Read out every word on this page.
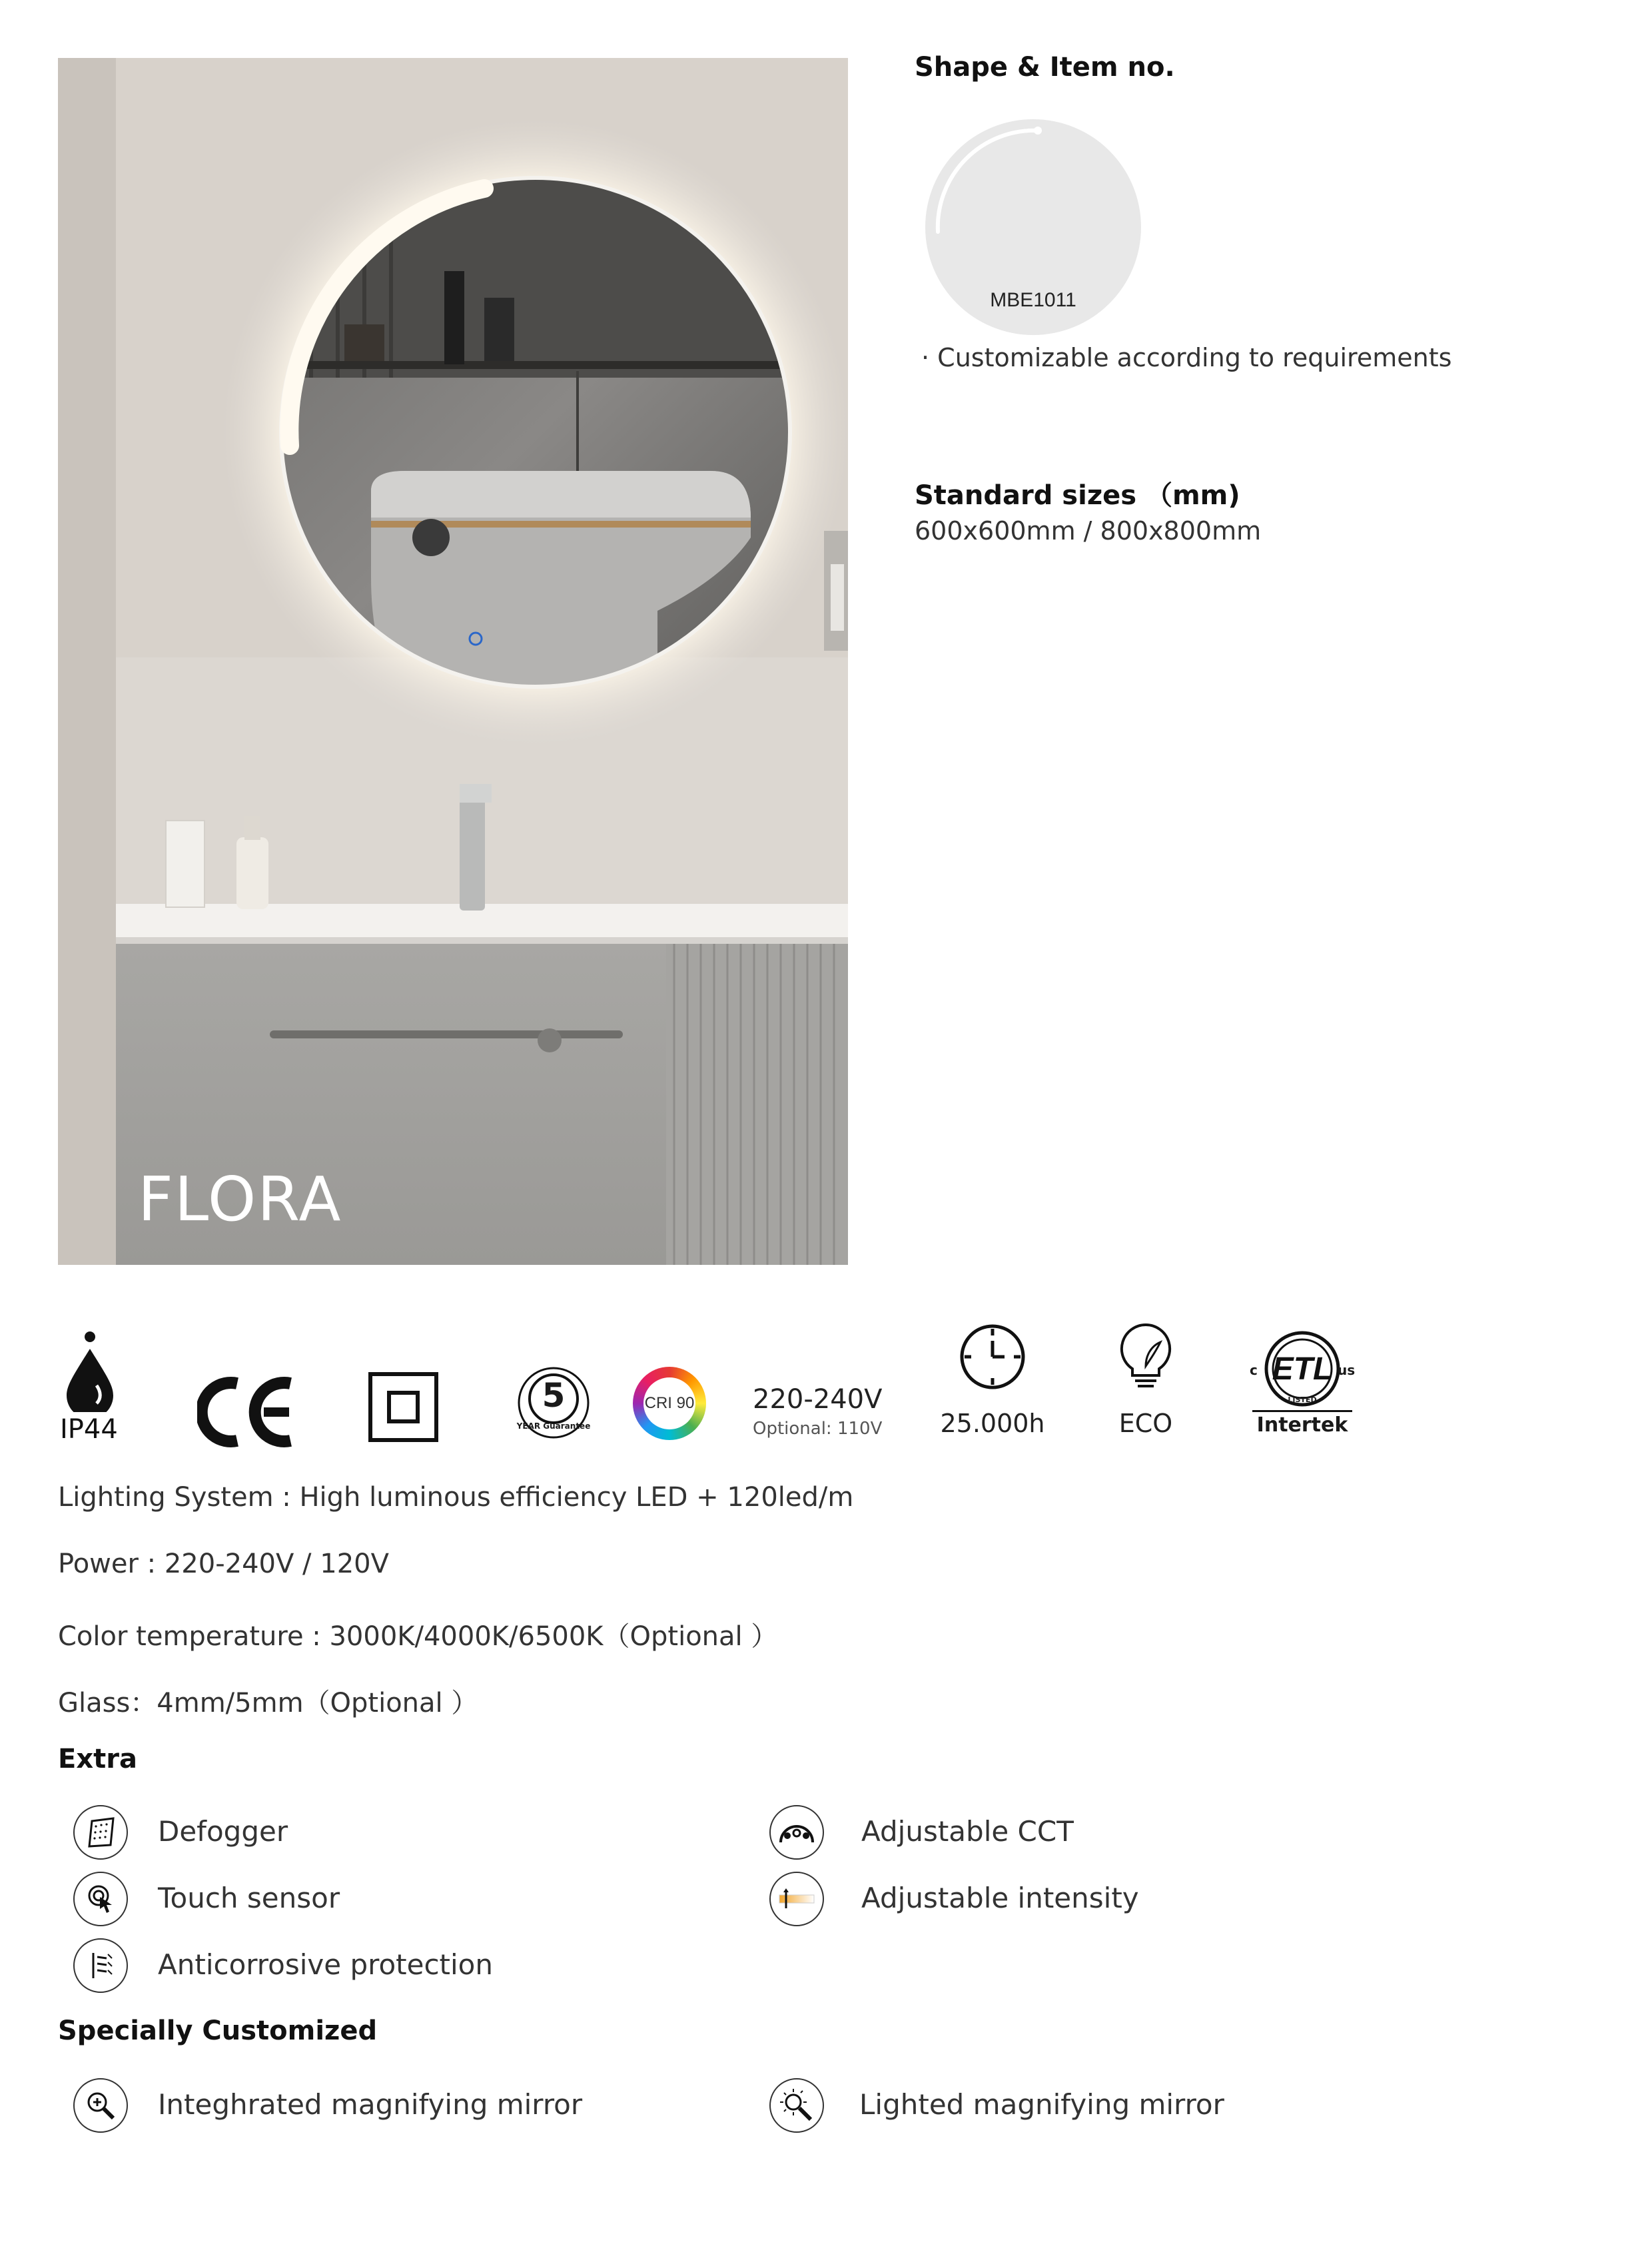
FLORA
Shape & Item no.
MBE1011
· Customizable according to requirements
Standard sizes （mm)
600x600mm / 800x800mm
IP44
5
YEAR Guarantee
CRI 90 220-240V
Optional: 110V	25.000h	ECO
ETL
c	us
LISTED
Intertek
Lighting System : High luminous efficiency LED + 120led/m
Power : 220-240V / 120V
Color temperature : 3000K/4000K/6500K（Optional ）
Glass：4mm/5mm（Optional ）
Extra
Defogger
Touch sensor
Anticorrosive protection
Adjustable CCT
Adjustable intensity
Specially Customized
Integhrated magnifying mirror	Lighted magnifying mirror
